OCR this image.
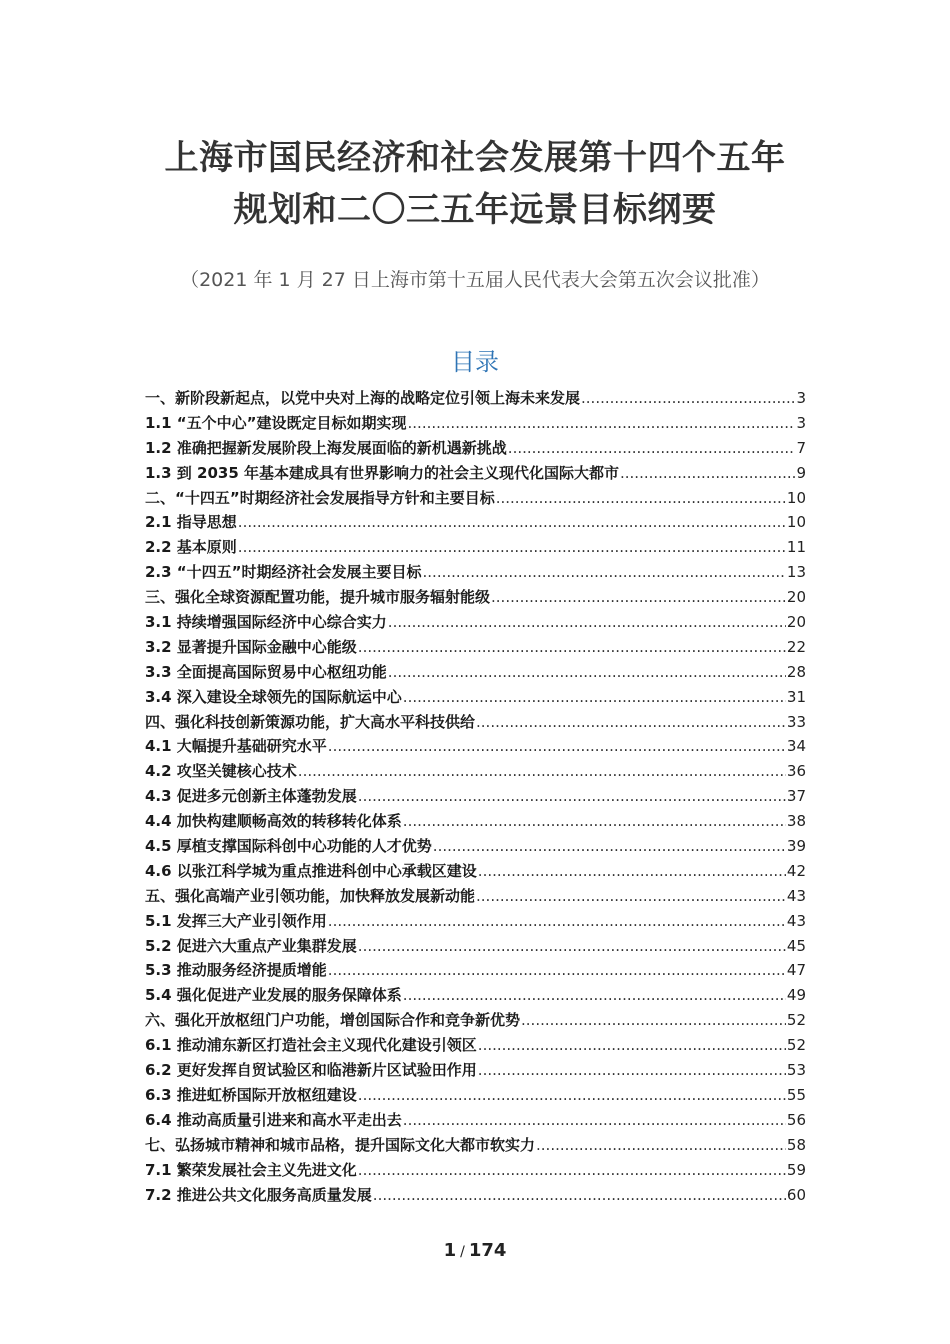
上海市国民经济和社会发展第十四个五年
规划和二〇三五年远景目标纲要
（2021 年 1 月 27 日上海市第十五届人民代表大会第五次会议批准）
目录
一、新阶段新起点，以党中央对上海的战略定位引领上海未来发展 .....	3
1.1 “五个中心”建设既定目标如期实现 .....	3
1.2 准确把握新发展阶段上海发展面临的新机遇新挑战 .....	7
1.3 到 2035 年基本建成具有世界影响力的社会主义现代化国际大都市 .....	9
二、“十四五”时期经济社会发展指导方针和主要目标 .....	10
2.1 指导思想 .....	10
2.2 基本原则 .....	11
2.3 “十四五”时期经济社会发展主要目标 .....	13
三、强化全球资源配置功能，提升城市服务辐射能级 .....	20
3.1 持续增强国际经济中心综合实力 .....	20
3.2 显著提升国际金融中心能级 .....	22
3.3 全面提高国际贸易中心枢纽功能 .....	28
3.4 深入建设全球领先的国际航运中心 .....	31
四、强化科技创新策源功能，扩大高水平科技供给 .....	33
4.1 大幅提升基础研究水平 .....	34
4.2 攻坚关键核心技术 .....	36
4.3 促进多元创新主体蓬勃发展 .....	37
4.4 加快构建顺畅高效的转移转化体系 .....	38
4.5 厚植支撑国际科创中心功能的人才优势 .....	39
4.6 以张江科学城为重点推进科创中心承载区建设 .....	42
五、强化高端产业引领功能，加快释放发展新动能 .....	43
5.1 发挥三大产业引领作用 .....	43
5.2 促进六大重点产业集群发展 .....	45
5.3 推动服务经济提质增能 .....	47
5.4 强化促进产业发展的服务保障体系 .....	49
六、强化开放枢纽门户功能，增创国际合作和竞争新优势 .....	52
6.1 推动浦东新区打造社会主义现代化建设引领区 .....	52
6.2 更好发挥自贸试验区和临港新片区试验田作用 .....	53
6.3 推进虹桥国际开放枢纽建设 .....	55
6.4 推动高质量引进来和高水平走出去 .....	56
七、弘扬城市精神和城市品格，提升国际文化大都市软实力 .....	58
7.1 繁荣发展社会主义先进文化 .....	59
7.2 推进公共文化服务高质量发展 .....	60
1 / 174
